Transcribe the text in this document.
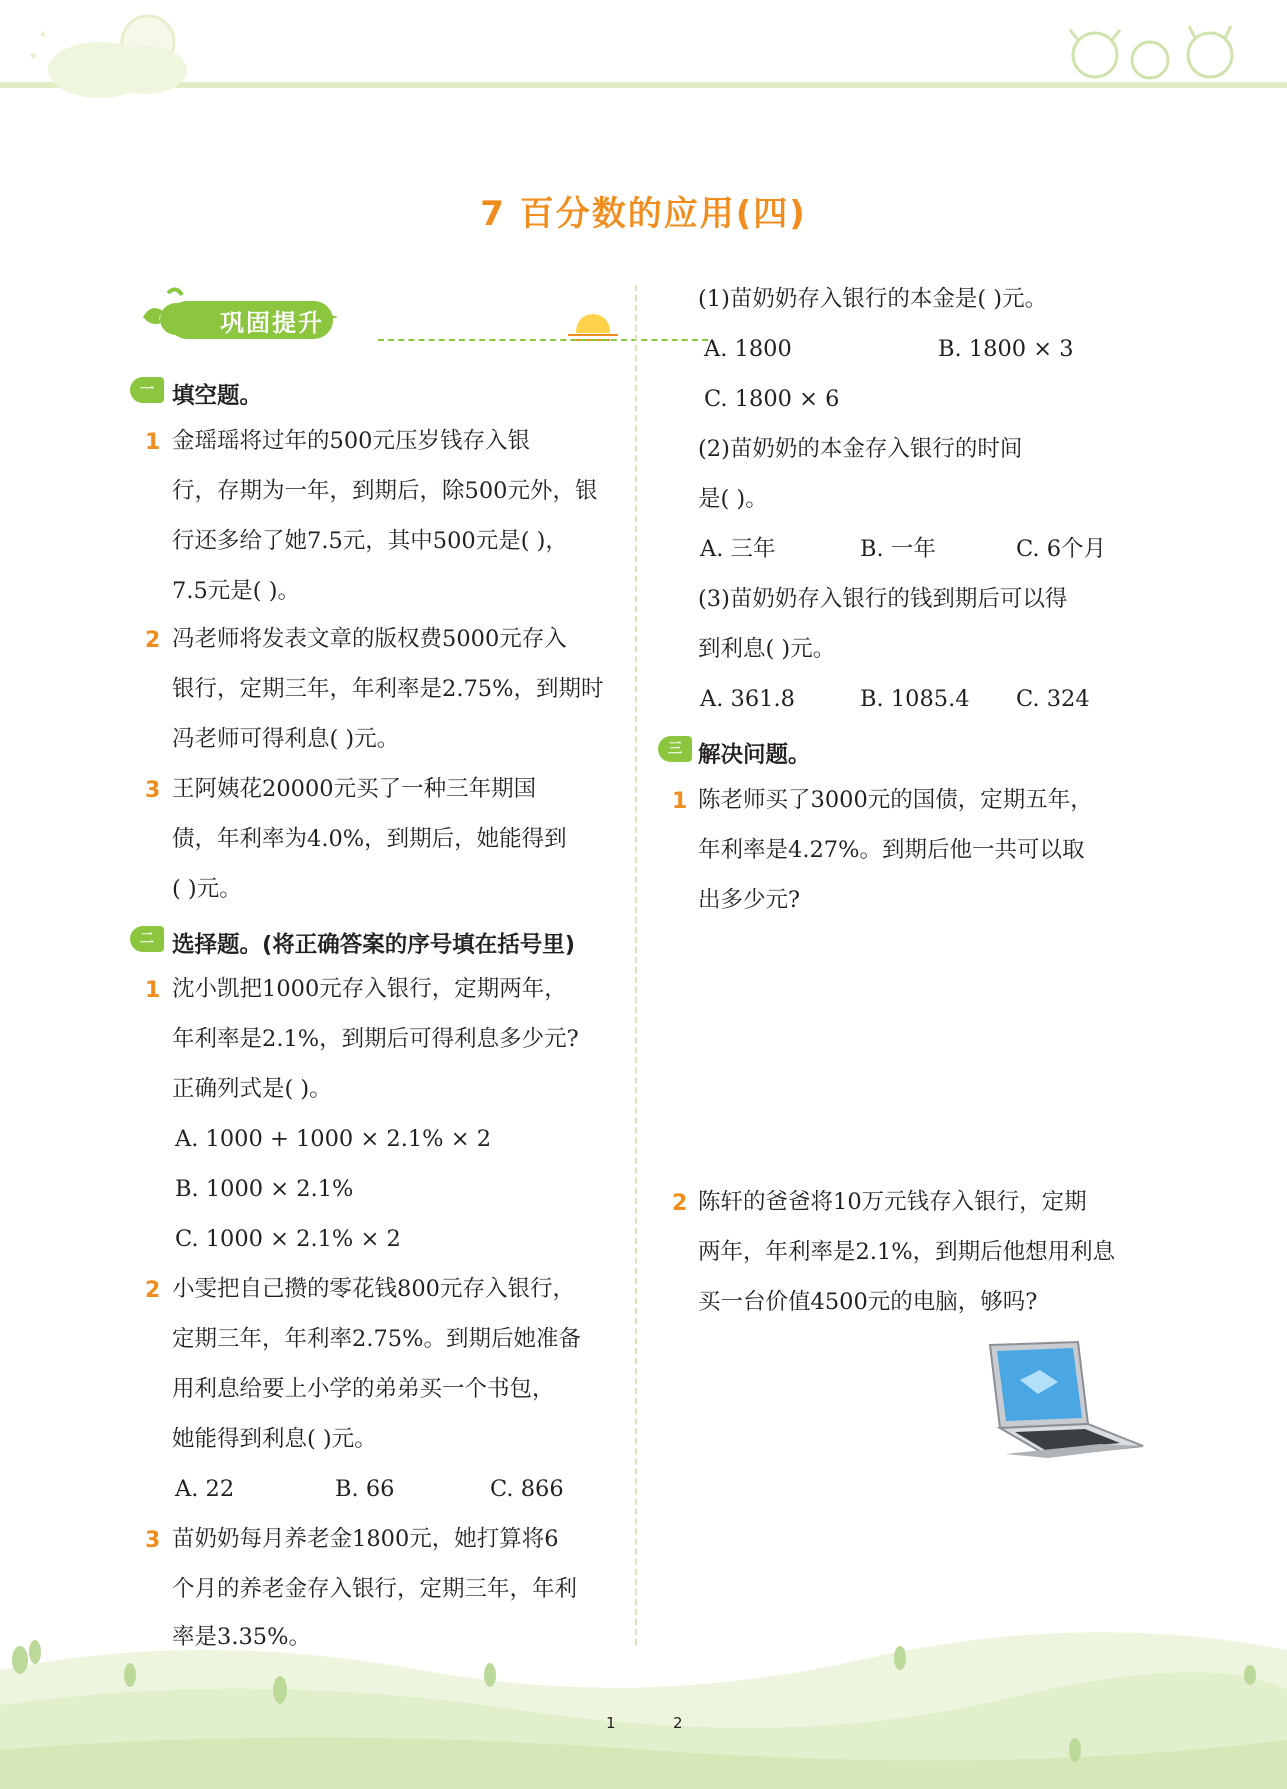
7 百分数的应用(四)
巩固提升
一 填空题。
1 金瑶瑶将过年的500元压岁钱存入银
行，存期为一年，到期后，除500元外，银
行还多给了她7.5元，其中500元是( )，
7.5元是( )。
2 冯老师将发表文章的版权费5000元存入
银行，定期三年，年利率是2.75%，到期时
冯老师可得利息( )元。
3 王阿姨花20000元买了一种三年期国
债，年利率为4.0%，到期后，她能得到
( )元。
二 选择题。(将正确答案的序号填在括号里)
1 沈小凯把1000元存入银行，定期两年，
年利率是2.1%，到期后可得利息多少元?
正确列式是( )。
A. 1000 + 1000 × 2.1% × 2
B. 1000 × 2.1%
C. 1000 × 2.1% × 2
2 小雯把自己攒的零花钱800元存入银行，
定期三年，年利率2.75%。到期后她准备
用利息给要上小学的弟弟买一个书包，
她能得到利息( )元。
A. 22	B. 66	C. 866
3 苗奶奶每月养老金1800元，她打算将6
个月的养老金存入银行，定期三年，年利
率是3.35%。
(1)苗奶奶存入银行的本金是( )元。
A. 1800	B. 1800 × 3
C. 1800 × 6
(2)苗奶奶的本金存入银行的时间
是( )。
A. 三年	B. 一年	C. 6个月
(3)苗奶奶存入银行的钱到期后可以得
到利息( )元。
A. 361.8	B. 1085.4 C. 324
三 解决问题。
1 陈老师买了3000元的国债，定期五年，
年利率是4.27%。到期后他一共可以取
出多少元?
2 陈轩的爸爸将10万元钱存入银行，定期
两年，年利率是2.1%，到期后他想用利息
买一台价值4500元的电脑，够吗?
1	2
